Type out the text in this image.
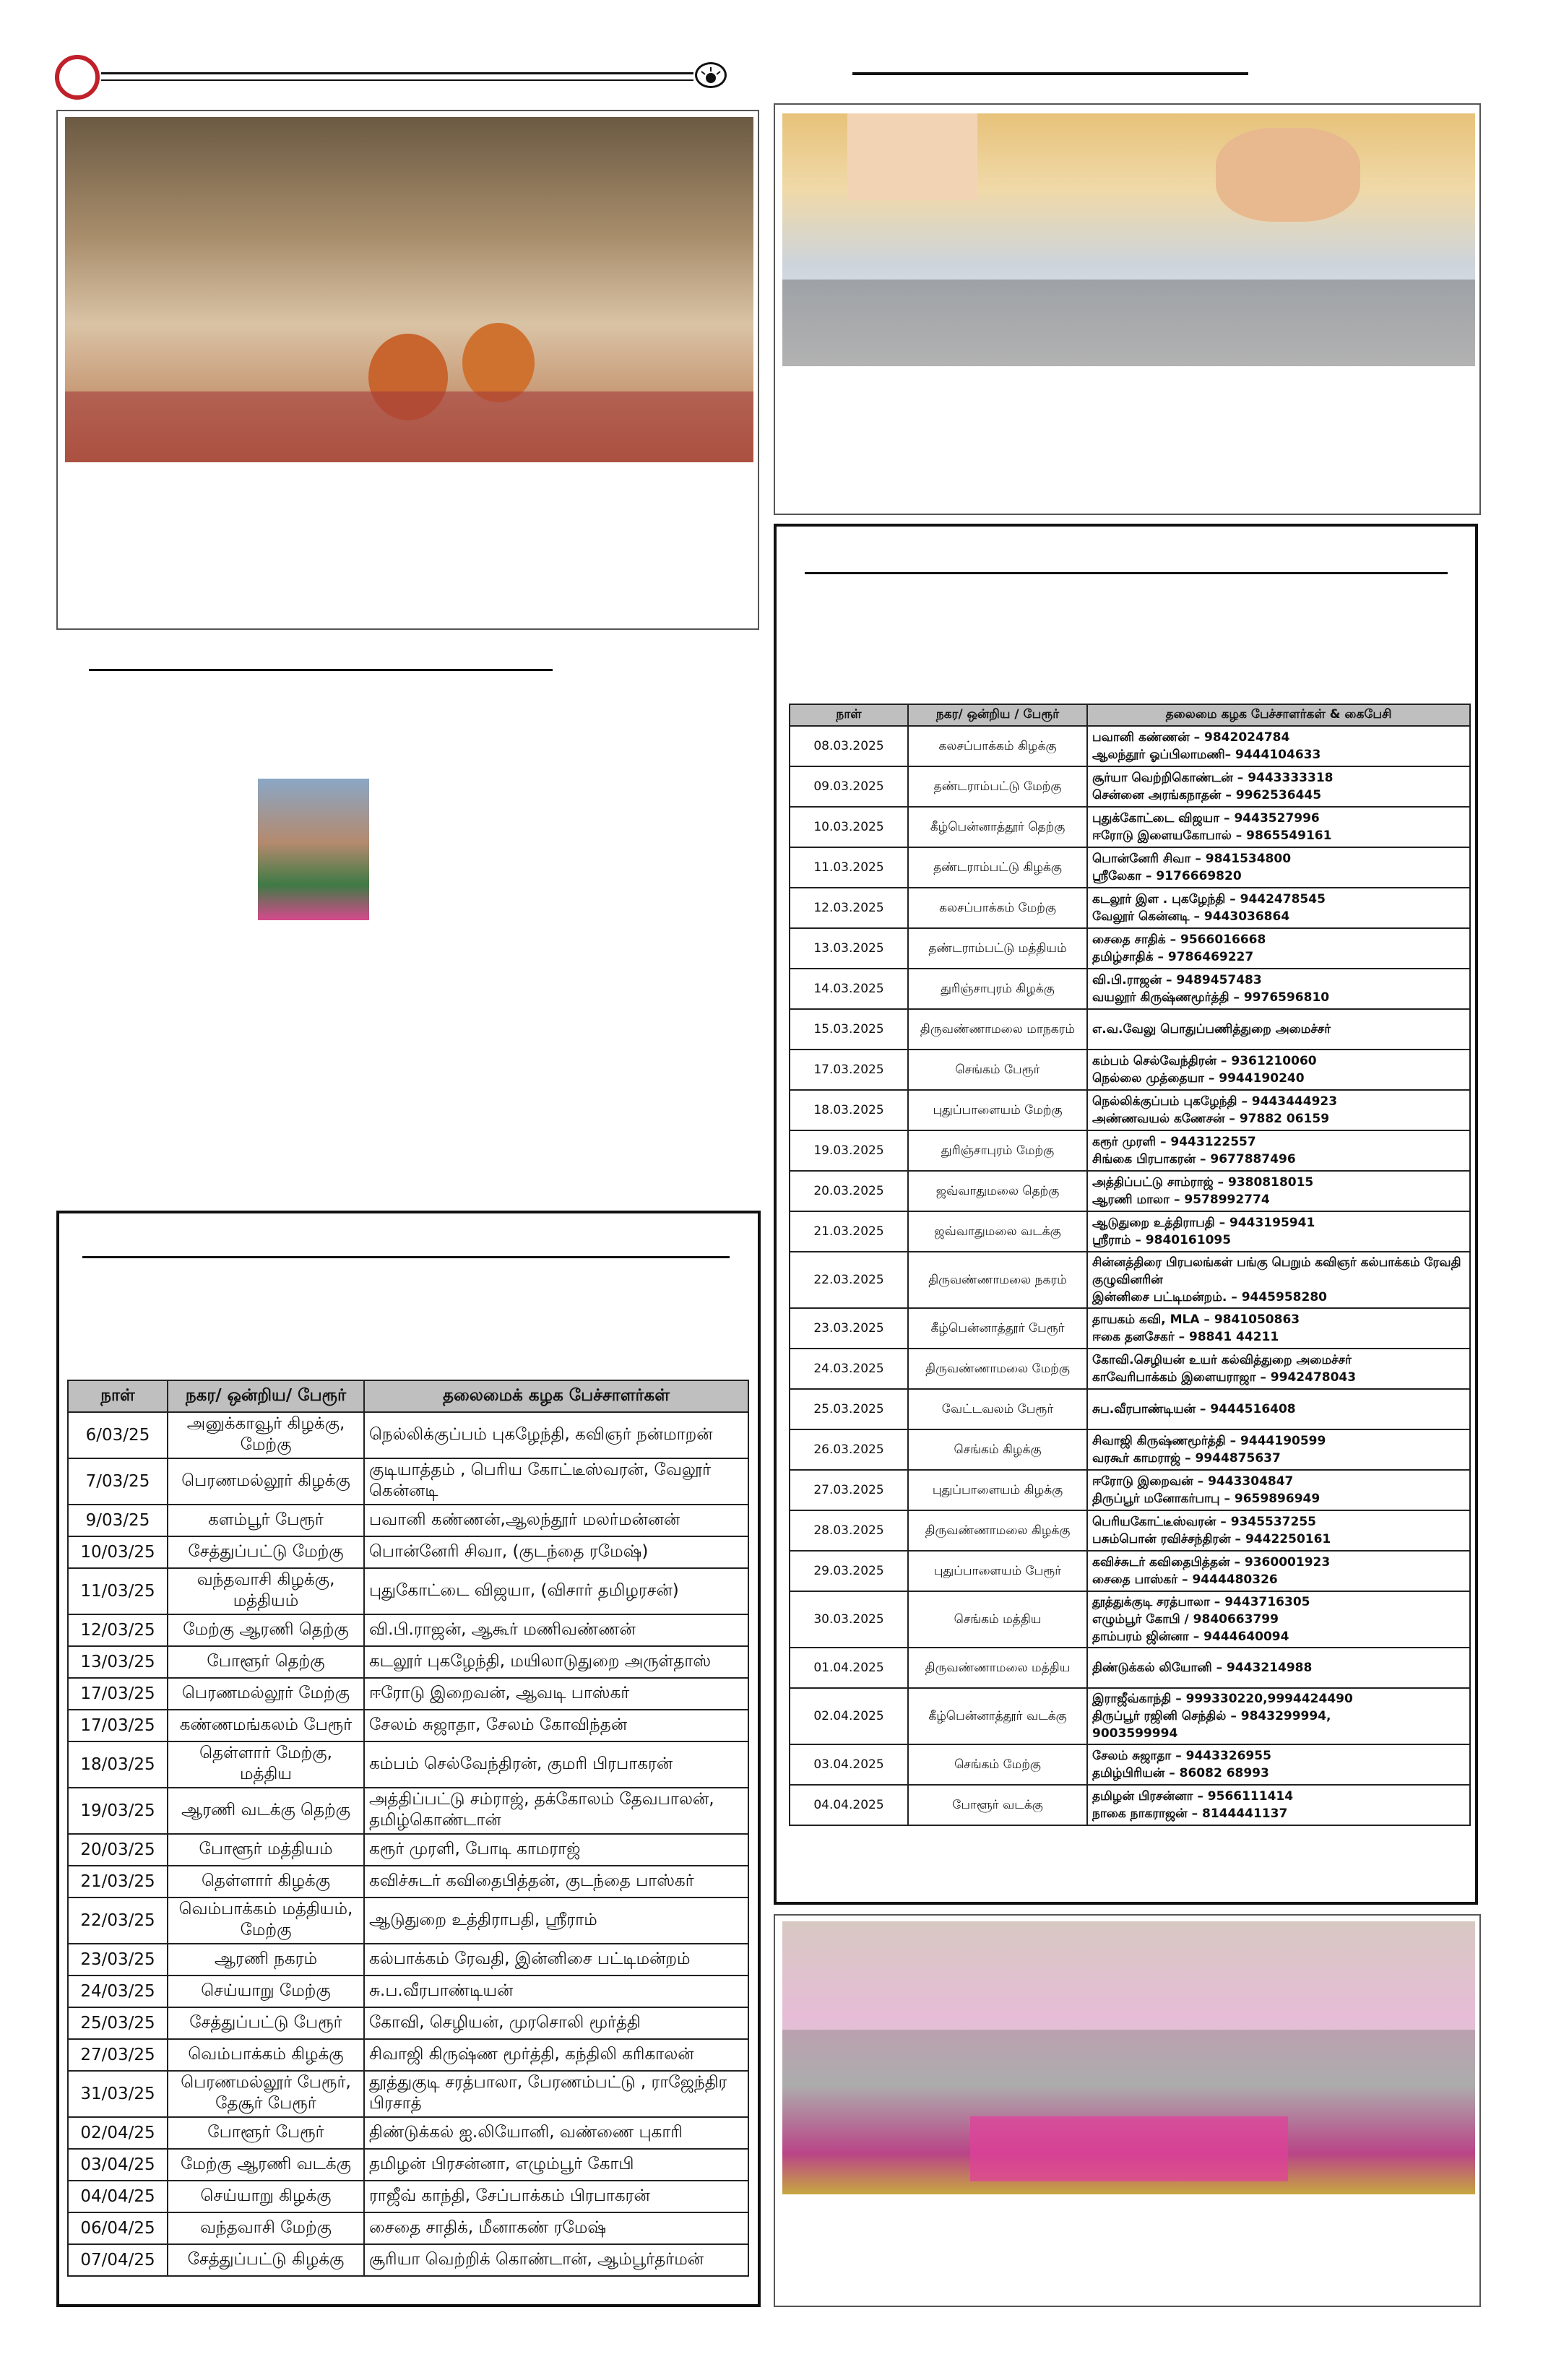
நாள்	நகர/ ஒன்றிய / பேரூர்	தலைமை கழக பேச்சாளர்கள் & கைபேசி
08.03.2025	கலசப்பாக்கம் கிழக்கு	பவானி கண்ணன் – 9842024784
ஆலந்தூர் ஓப்பிலாமணி– 9444104633
09.03.2025	தண்டராம்பட்டு மேற்கு	சூர்யா வெற்றிகொண்டன் – 9443333318
சென்னை அரங்கநாதன் – 9962536445
10.03.2025	கீழ்பென்னாத்தூர் தெற்கு	புதுக்கோட்டை விஜயா – 9443527996
ஈரோடு இளையகோபால் – 9865549161
11.03.2025	தண்டராம்பட்டு கிழக்கு	பொன்னேரி சிவா – 9841534800
ஸ்ரீலேகா – 9176669820
12.03.2025	கலசப்பாக்கம் மேற்கு	கடலூர் இள . புகழேந்தி – 9442478545
வேலூர் கென்னடி – 9443036864
13.03.2025	தண்டராம்பட்டு மத்தியம்	சைதை சாதிக் – 9566016668
தமிழ்சாதிக் – 9786469227
14.03.2025	துரிஞ்சாபுரம் கிழக்கு	வி.பி.ராஜன் – 9489457483
வயலூர் கிருஷ்ணமூர்த்தி – 9976596810
15.03.2025	திருவண்ணாமலை மாநகரம்	எ.வ.வேலு பொதுப்பணித்துறை அமைச்சர்
17.03.2025	செங்கம் பேரூர்	கம்பம் செல்வேந்திரன் – 9361210060
நெல்லை முத்தையா – 9944190240
18.03.2025	புதுப்பாளையம் மேற்கு	நெல்லிக்குப்பம் புகழேந்தி – 9443444923
அண்ணவயல் கணேசன் – 97882 06159
19.03.2025	துரிஞ்சாபுரம் மேற்கு	கரூர் முரளி – 9443122557
சிங்கை பிரபாகரன் – 9677887496
20.03.2025	ஜவ்வாதுமலை தெற்கு	அத்திப்பட்டு சாம்ராஜ் – 9380818015
ஆரணி மாலா – 9578992774
21.03.2025	ஜவ்வாதுமலை வடக்கு	ஆடுதுறை உத்திராபதி – 9443195941
ஸ்ரீராம் – 9840161095
22.03.2025	திருவண்ணாமலை நகரம்	சின்னத்திரை பிரபலங்கள் பங்கு பெறும் கவிஞர் கல்பாக்கம் ரேவதி குழுவினரின்
இன்னிசை பட்டிமன்றம். – 9445958280
23.03.2025	கீழ்பென்னாத்தூர் பேரூர்	தாயகம் கவி, MLA – 9841050863
ஈகை தனசேகர் – 98841 44211
24.03.2025	திருவண்ணாமலை மேற்கு	கோவி.செழியன் உயர் கல்வித்துறை அமைச்சர்
காவேரிபாக்கம் இளையராஜா – 9942478043
25.03.2025	வேட்டவலம் பேரூர்	சுப.வீரபாண்டியன் – 9444516408
26.03.2025	செங்கம் கிழக்கு	சிவாஜி கிருஷ்ணமூர்த்தி – 9444190599
வரகூர் காமராஜ் – 9944875637
27.03.2025	புதுப்பாளையம் கிழக்கு	ஈரோடு இறைவன் – 9443304847
திருப்பூர் மனோகர்பாபு – 9659896949
28.03.2025	திருவண்ணாமலை கிழக்கு	பெரியகோட்டீஸ்வரன் – 9345537255
பசும்பொன் ரவிச்சந்திரன் – 9442250161
29.03.2025	புதுப்பாளையம் பேரூர்	கவிச்சுடர் கவிதைபித்தன் – 9360001923
சைதை பாஸ்கர் – 9444480326
30.03.2025	செங்கம் மத்திய	தூத்துக்குடி சரத்பாலா – 9443716305
எழும்பூர் கோபி / 9840663799
தாம்பரம் ஜின்னா – 9444640094
01.04.2025	திருவண்ணாமலை மத்திய	திண்டுக்கல் லியோனி – 9443214988
02.04.2025	கீழ்பென்னாத்தூர் வடக்கு	இராஜீவ்காந்தி – 999330220,9994424490
திருப்பூர் ரஜினி செந்தில் – 9843299994,
9003599994
03.04.2025	செங்கம் மேற்கு	சேலம் சுஜாதா – 9443326955
தமிழ்பிரியன் – 86082 68993
04.04.2025	போளூர் வடக்கு	தமிழன் பிரசன்னா – 9566111414
நாகை நாகராஜன் – 8144441137
நாள்	நகர/ ஒன்றிய/ பேரூர்	தலைமைக் கழக பேச்சாளர்கள்
6/03/25	அனுக்காவூர் கிழக்கு, மேற்கு	நெல்லிக்குப்பம் புகழேந்தி, கவிஞர் நன்மாறன்
7/03/25	பெரணமல்லூர் கிழக்கு	குடியாத்தம் , பெரிய கோட்டீஸ்வரன், வேலூர் கென்னடி
9/03/25	களம்பூர் பேரூர்	பவானி கண்ணன்,ஆலந்தூர் மலர்மன்னன்
10/03/25	சேத்துப்பட்டு மேற்கு	பொன்னேரி சிவா, (குடந்தை ரமேஷ்)
11/03/25	வந்தவாசி கிழக்கு, மத்தியம்	புதுகோட்டை விஜயா, (விசார் தமிழரசன்)
12/03/25	மேற்கு ஆரணி தெற்கு	வி.பி.ராஜன், ஆகூர் மணிவண்ணன்
13/03/25	போளூர் தெற்கு	கடலூர் புகழேந்தி, மயிலாடுதுறை அருள்தாஸ்
17/03/25	பெரணமல்லூர் மேற்கு	ஈரோடு இறைவன், ஆவடி பாஸ்கர்
17/03/25	கண்ணமங்கலம் பேரூர்	சேலம் சுஜாதா, சேலம் கோவிந்தன்
18/03/25	தெள்ளார் மேற்கு, மத்திய	கம்பம் செல்வேந்திரன், குமரி பிரபாகரன்
19/03/25	ஆரணி வடக்கு தெற்கு	அத்திப்பட்டு சம்ராஜ், தக்கோலம் தேவபாலன், தமிழ்கொண்டான்
20/03/25	போளூர் மத்தியம்	கரூர் முரளி, போடி காமராஜ்
21/03/25	தெள்ளார் கிழக்கு	கவிச்சுடர் கவிதைபித்தன், குடந்தை பாஸ்கர்
22/03/25	வெம்பாக்கம் மத்தியம், மேற்கு	ஆடுதுறை உத்திராபதி, ஸ்ரீராம்
23/03/25	ஆரணி நகரம்	கல்பாக்கம் ரேவதி, இன்னிசை பட்டிமன்றம்
24/03/25	செய்யாறு மேற்கு	சு.ப.வீரபாண்டியன்
25/03/25	சேத்துப்பட்டு பேரூர்	கோவி, செழியன், முரசொலி மூர்த்தி
27/03/25	வெம்பாக்கம் கிழக்கு	சிவாஜி கிருஷ்ண மூர்த்தி, கந்திலி கரிகாலன்
31/03/25	பெரணமல்லூர் பேரூர், தேசூர் பேரூர்	தூத்துகுடி சரத்பாலா, பேரணம்பட்டு , ராஜேந்திர பிரசாத்
02/04/25	போளூர் பேரூர்	திண்டுக்கல் ஐ.லியோனி, வண்ணை புகாரி
03/04/25	மேற்கு ஆரணி வடக்கு	தமிழன் பிரசன்னா, எழும்பூர் கோபி
04/04/25	செய்யாறு கிழக்கு	ராஜீவ் காந்தி, சேப்பாக்கம் பிரபாகரன்
06/04/25	வந்தவாசி மேற்கு	சைதை சாதிக், மீனாகண் ரமேஷ்
07/04/25	சேத்துப்பட்டு கிழக்கு	சூரியா வெற்றிக் கொண்டான், ஆம்பூர்தர்மன்
